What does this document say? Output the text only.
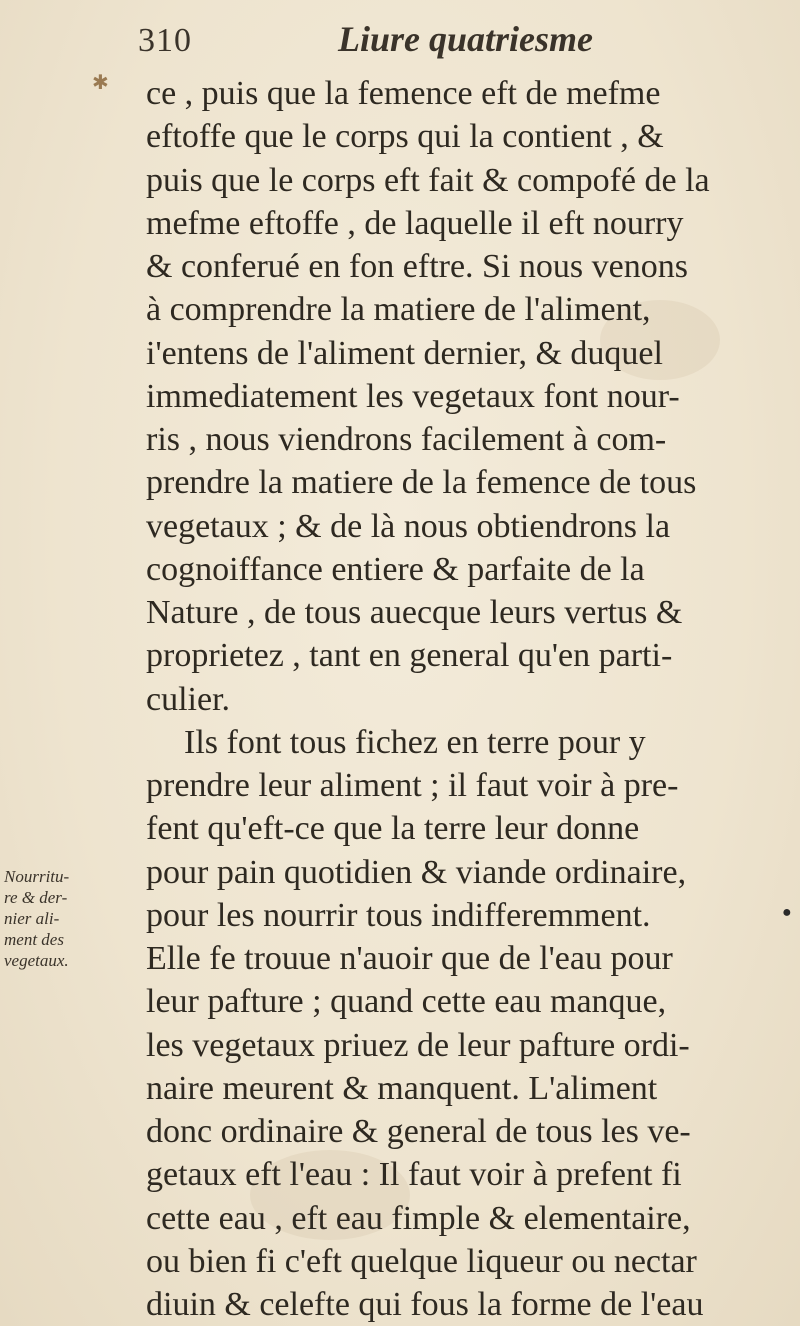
310	Liure quatriesme
✱
●
ce , puis que la femence eft de mefme
eftoffe que le corps qui la contient , &
puis que le corps eft fait & compofé de la
mefme eftoffe , de laquelle il eft nourry
& conferué en fon eftre. Si nous venons
à comprendre la matiere de l'aliment,
i'entens de l'aliment dernier, & duquel
immediatement les vegetaux font nour-
ris , nous viendrons facilement à com-
prendre la matiere de la femence de tous
vegetaux ; & de là nous obtiendrons la
cognoiffance entiere & parfaite de la
Nature , de tous auecque leurs vertus &
proprietez , tant en general qu'en parti-
culier.
Ils font tous fichez en terre pour y
prendre leur aliment ; il faut voir à pre-
fent qu'eft-ce que la terre leur donne
pour pain quotidien & viande ordinaire,
pour les nourrir tous indifferemment.
Elle fe trouue n'auoir que de l'eau pour
leur pafture ; quand cette eau manque,
les vegetaux priuez de leur pafture ordi-
naire meurent & manquent. L'aliment
donc ordinaire & general de tous les ve-
getaux eft l'eau : Il faut voir à prefent fi
cette eau , eft eau fimple & elementaire,
ou bien fi c'eft quelque liqueur ou nectar
diuin & celefte qui fous la forme de l'eau
Nourritu-
re & der-
nier ali-
ment des
vegetaux.
